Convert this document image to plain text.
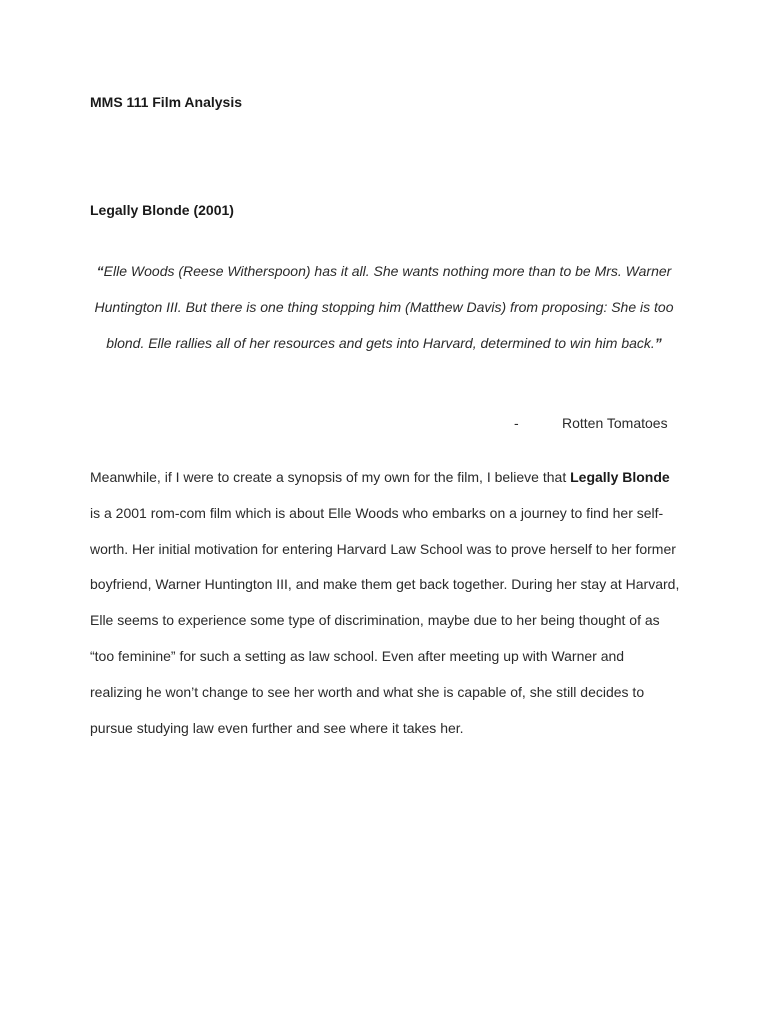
MMS 111 Film Analysis
Legally Blonde (2001)

“Elle Woods (Reese Witherspoon) has it all. She wants nothing more than to be Mrs. Warner Huntington III. But there is one thing stopping him (Matthew Davis) from proposing: She is too blond. Elle rallies all of her resources and gets into Harvard, determined to win him back.”

-	Rotten Tomatoes

Meanwhile, if I were to create a synopsis of my own for the film, I believe that Legally Blonde is a 2001 rom-com film which is about Elle Woods who embarks on a journey to find her self-worth. Her initial motivation for entering Harvard Law School was to prove herself to her former boyfriend, Warner Huntington III, and make them get back together. During her stay at Harvard, Elle seems to experience some type of discrimination, maybe due to her being thought of as “too feminine” for such a setting as law school. Even after meeting up with Warner and realizing he won’t change to see her worth and what she is capable of, she still decides to pursue studying law even further and see where it takes her.
